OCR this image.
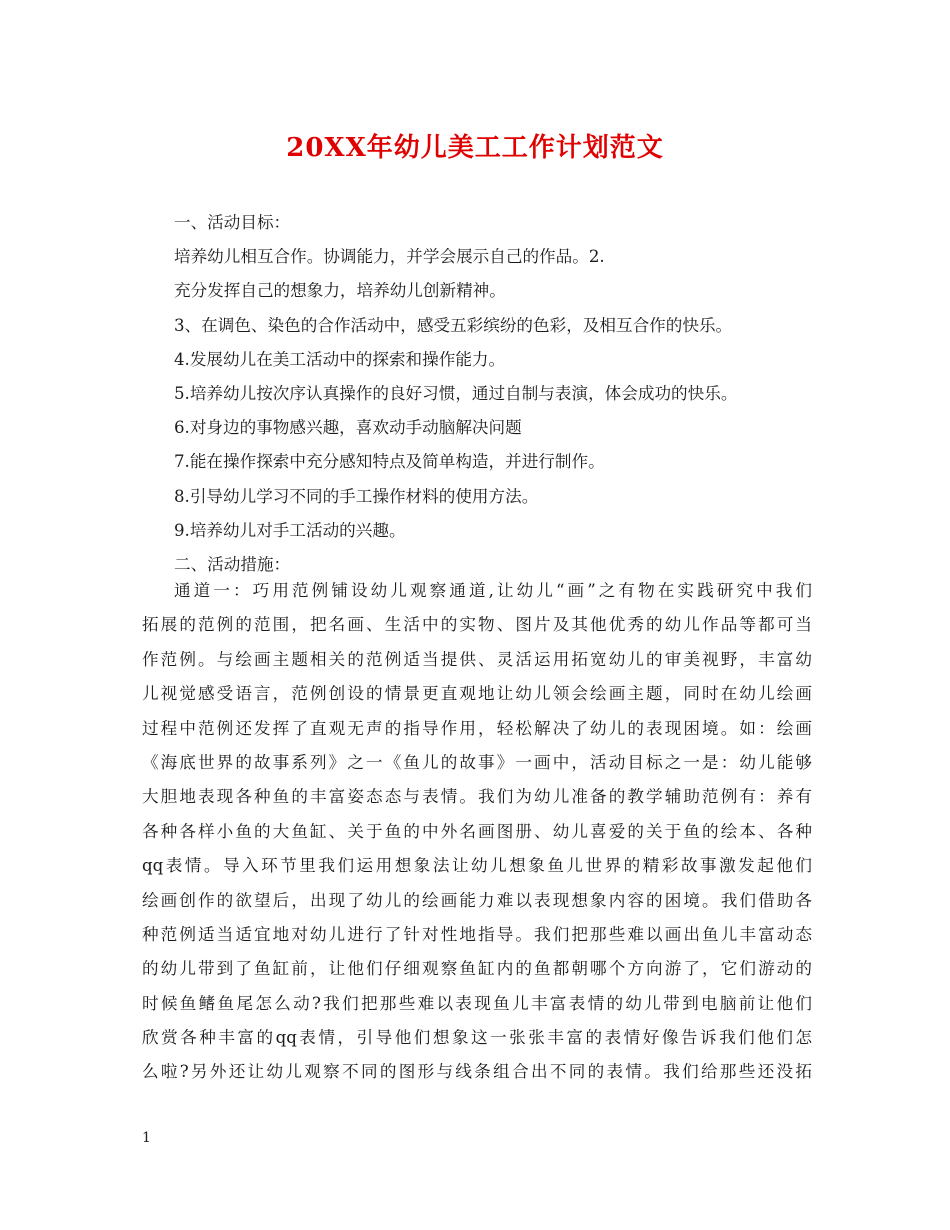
20XX年幼儿美工工作计划范文
一、活动目标：
培养幼儿相互合作。协调能力，并学会展示自己的作品。2.
充分发挥自己的想象力，培养幼儿创新精神。
3、在调色、染色的合作活动中，感受五彩缤纷的色彩，及相互合作的快乐。
4.发展幼儿在美工活动中的探索和操作能力。
5.培养幼儿按次序认真操作的良好习惯，通过自制与表演，体会成功的快乐。
6.对身边的事物感兴趣，喜欢动手动脑解决问题
7.能在操作探索中充分感知特点及简单构造，并进行制作。
8.引导幼儿学习不同的手工操作材料的使用方法。
9.培养幼儿对手工活动的兴趣。
二、活动措施：
通道一：巧用范例铺设幼儿观察通道,让幼儿“画”之有物在实践研究中我们
拓展的范例的范围，把名画、生活中的实物、图片及其他优秀的幼儿作品等都可当
作范例。与绘画主题相关的范例适当提供、灵活运用拓宽幼儿的审美视野，丰富幼
儿视觉感受语言，范例创设的情景更直观地让幼儿领会绘画主题，同时在幼儿绘画
过程中范例还发挥了直观无声的指导作用，轻松解决了幼儿的表现困境。如：绘画
《海底世界的故事系列》之一《鱼儿的故事》一画中，活动目标之一是：幼儿能够
大胆地表现各种鱼的丰富姿态态与表情。我们为幼儿准备的教学辅助范例有：养有
各种各样小鱼的大鱼缸、关于鱼的中外名画图册、幼儿喜爱的关于鱼的绘本、各种
qq表情。导入环节里我们运用想象法让幼儿想象鱼儿世界的精彩故事激发起他们
绘画创作的欲望后，出现了幼儿的绘画能力难以表现想象内容的困境。我们借助各
种范例适当适宜地对幼儿进行了针对性地指导。我们把那些难以画出鱼儿丰富动态
的幼儿带到了鱼缸前，让他们仔细观察鱼缸内的鱼都朝哪个方向游了，它们游动的
时候鱼鳍鱼尾怎么动?我们把那些难以表现鱼儿丰富表情的幼儿带到电脑前让他们
欣赏各种丰富的qq表情，引导他们想象这一张张丰富的表情好像告诉我们他们怎
么啦?另外还让幼儿观察不同的图形与线条组合出不同的表情。我们给那些还没拓
1
